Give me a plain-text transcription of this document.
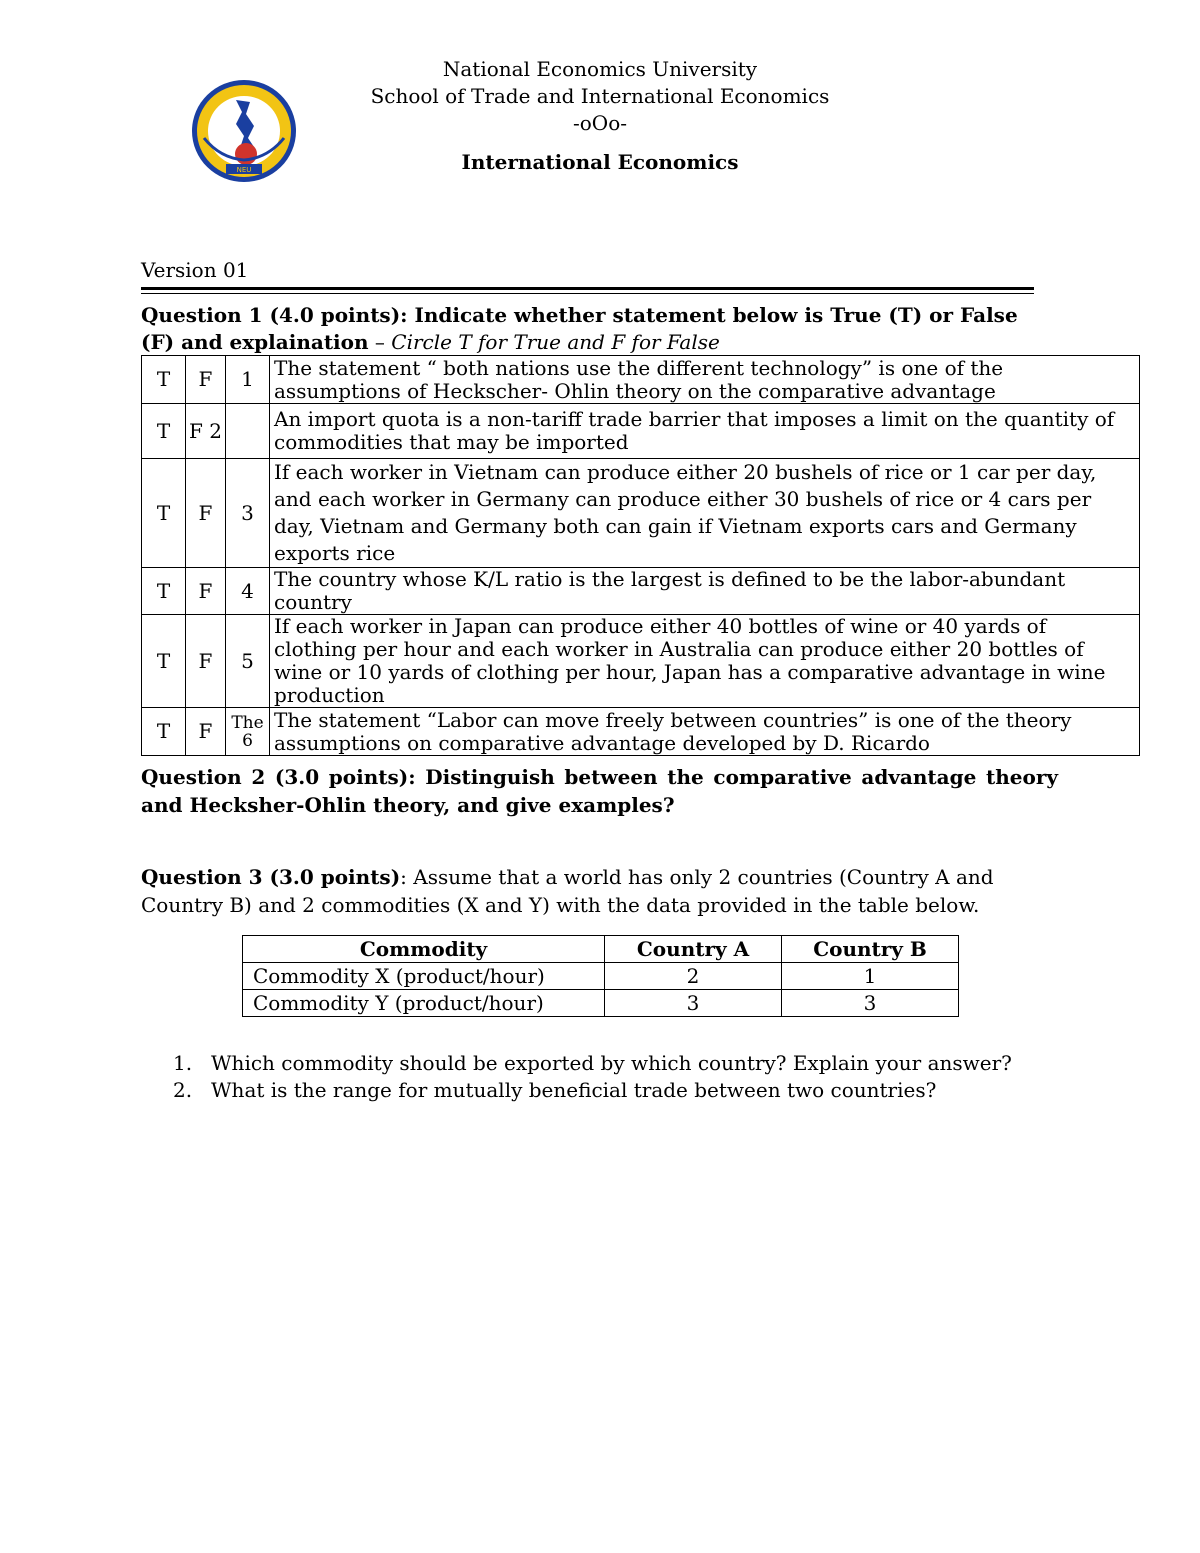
NEU
National Economics University
School of Trade and International Economics
-oOo-
International Economics
Version 01
Question 1 (4.0 points): Indicate whether statement below is True (T) or False (F) and explaination – Circle T for True and F for False
T	F	1	The statement “ both nations use the different technology” is one of the assumptions of Heckscher- Ohlin theory on the comparative advantage
T	F 2		An import quota is a non-tariff trade barrier that imposes a limit on the quantity of commodities that may be imported
T	F	3	If each worker in Vietnam can produce either 20 bushels of rice or 1 car per day, and each worker in Germany can produce either 30 bushels of rice or 4 cars per day, Vietnam and Germany both can gain if Vietnam exports cars and Germany exports rice
T	F	4	The country whose K/L ratio is the largest is defined to be the labor-abundant country
T	F	5	If each worker in Japan can produce either 40 bottles of wine or 40 yards of clothing per hour and each worker in Australia can produce either 20 bottles of wine or 10 yards of clothing per hour, Japan has a comparative advantage in wine production
T	F	The 6	The statement “Labor can move freely between countries” is one of the theory assumptions on comparative advantage developed by D. Ricardo
Question 2 (3.0 points): Distinguish between the comparative advantage theory and Hecksher-Ohlin theory, and give examples?
Question 3 (3.0 points): Assume that a world has only 2 countries (Country A and Country B) and 2 commodities (X and Y) with the data provided in the table below.
Commodity	Country A	Country B
Commodity X (product/hour)	2	1
Commodity Y (product/hour)	3	3
1. Which commodity should be exported by which country? Explain your answer?
2. What is the range for mutually beneficial trade between two countries?
